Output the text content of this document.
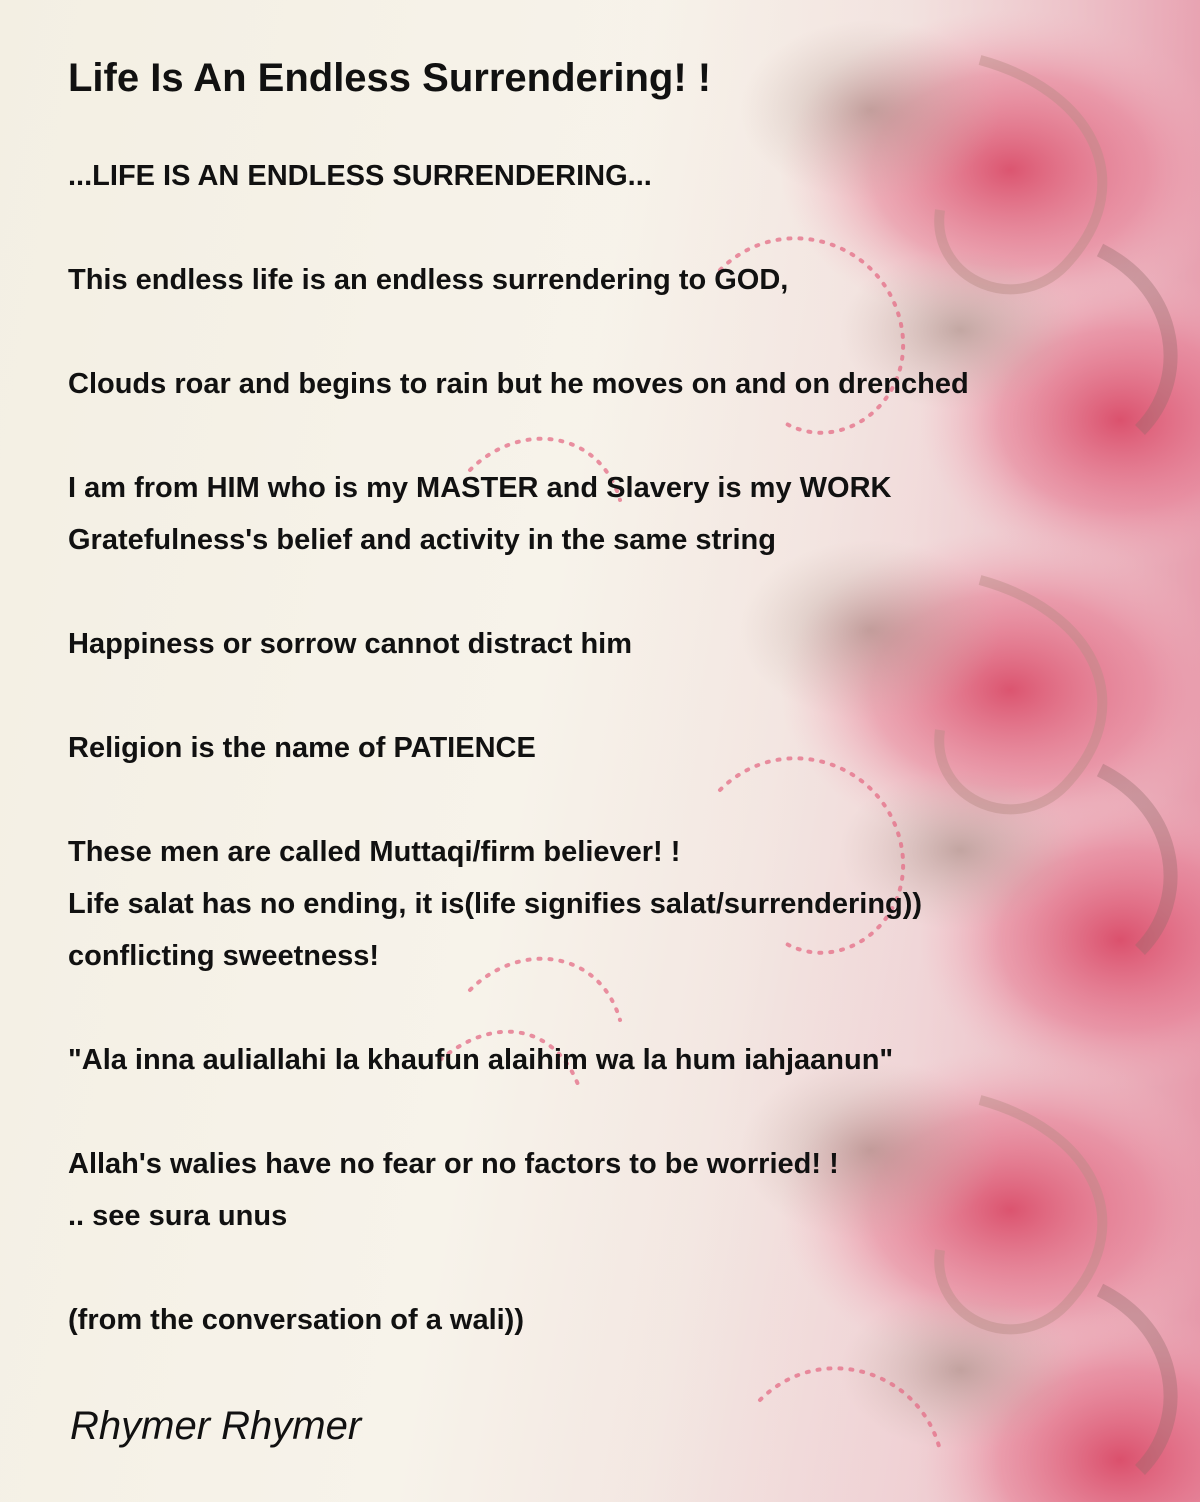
Life Is An Endless Surrendering! !
...LIFE IS AN ENDLESS SURRENDERING...
This endless life is an endless surrendering to GOD,
Clouds roar and begins to rain but he moves on and on drenched
I am from HIM who is my MASTER and Slavery is my WORK
Gratefulness's belief and activity in the same string
Happiness or sorrow cannot distract him
Religion is the name of PATIENCE
These men are called Muttaqi/firm believer! !
Life salat has no ending, it is(life signifies salat/surrendering))
conflicting sweetness!
"Ala inna auliallahi la khaufun alaihim wa la hum iahjaanun"
Allah's walies have no fear or no factors to be worried! !
.. see sura unus
(from the conversation of a wali))
Rhymer Rhymer
